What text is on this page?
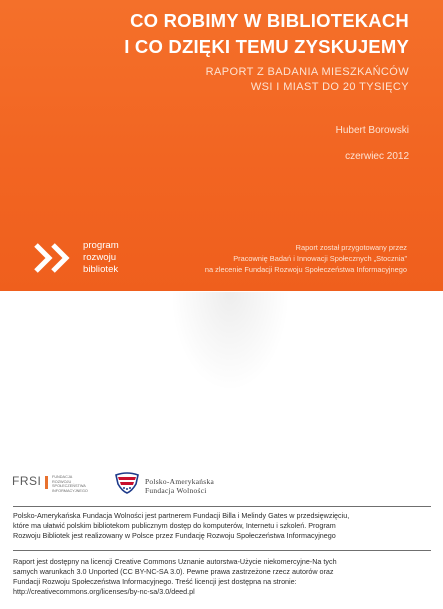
CO ROBIMY W BIBLIOTEKACH
I CO DZIĘKI TEMU ZYSKUJEMY

RAPORT Z BADANIA MIESZKAŃCÓW

WSI I MIAST DO 20 TYSIĘCY

Hubert Borowski
czerwiec 2012
program
rozwoju
bibliotek
Raport został przygotowany przez
Pracownię Badań i Innowacji Społecznych „Stocznia”
na zlecenie Fundacji Rozwoju Społeczeństwa Informacyjnego
FRSI	FUNDACJA
ROZWOJU
SPOŁECZEŃSTWA
INFORMACYJNEGO
Polsko-Amerykańska
Fundacja Wolności
Polsko-Amerykańska Fundacja Wolności jest partnerem Fundacji Billa i Melindy Gates w przedsięwzięciu,
które ma ułatwić polskim bibliotekom publicznym dostęp do komputerów, Internetu i szkoleń. Program
Rozwoju Bibliotek jest realizowany w Polsce przez Fundację Rozwoju Społeczeństwa Informacyjnego
Raport jest dostępny na licencji Creative Commons Uznanie autorstwa-Użycie niekomercyjne-Na tych
samych warunkach 3.0 Unported (CC BY-NC-SA 3.0). Pewne prawa zastrzeżone rzecz autorów oraz
Fundacji Rozwoju Społeczeństwa Informacyjnego. Treść licencji jest dostępna na stronie:
http://creativecommons.org/licenses/by-nc-sa/3.0/deed.pl
